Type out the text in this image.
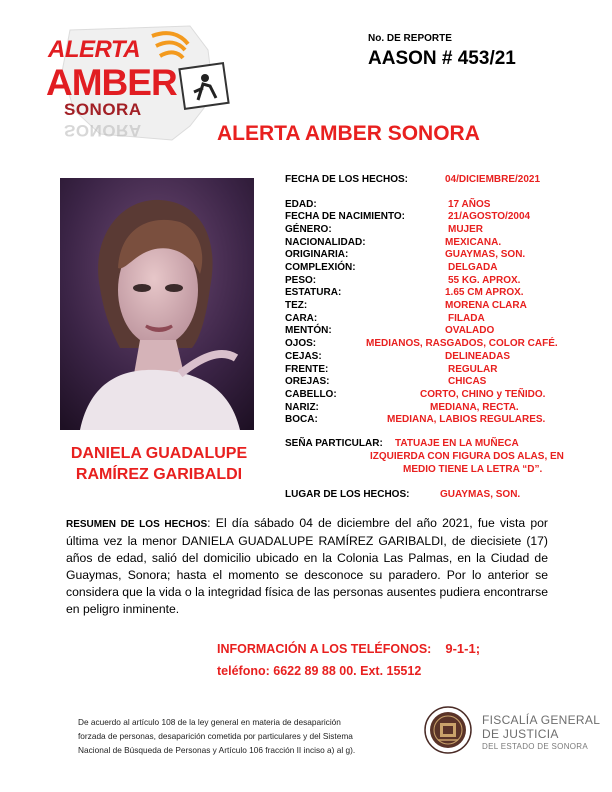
ALERTA
AMBER
SONORA
SONORA
No. DE REPORTE
AASON # 453/21
ALERTA AMBER SONORA
DANIELA GUADALUPE
RAMÍREZ GARIBALDI
FECHA DE LOS HECHOS:	04/DICIEMBRE/2021
EDAD:	17 AÑOS
FECHA DE NACIMIENTO:	21/AGOSTO/2004
GÉNERO:	MUJER
NACIONALIDAD:	MEXICANA.
ORIGINARIA:	GUAYMAS, SON.
COMPLEXIÓN:	DELGADA
PESO:	55 KG. APROX.
ESTATURA:	1.65 CM APROX.
TEZ:	MORENA CLARA
CARA:	FILADA
MENTÓN:	OVALADO
OJOS:	MEDIANOS, RASGADOS, COLOR CAFÉ.
CEJAS:	DELINEADAS
FRENTE:	REGULAR
OREJAS:	CHICAS
CABELLO:	CORTO, CHINO y TEÑIDO.
NARIZ:	MEDIANA, RECTA.
BOCA:	MEDIANA, LABIOS REGULARES.
SEÑA PARTICULAR: TATUAJE EN LA MUÑECA
IZQUIERDA CON FIGURA DOS ALAS, EN
MEDIO TIENE LA LETRA “D”.
LUGAR DE LOS HECHOS:	GUAYMAS, SON.
RESUMEN DE LOS HECHOS: El día sábado 04 de diciembre del año 2021, fue vista por última vez la menor DANIELA GUADALUPE RAMÍREZ GARIBALDI, de diecisiete (17) años de edad, salió del domicilio ubicado en la Colonia Las Palmas, en la Ciudad de Guaymas, Sonora; hasta el momento se desconoce su paradero. Por lo anterior se considera que la vida o la integridad física de las personas ausentes pudiera encontrarse en peligro inminente.
INFORMACIÓN A LOS TELÉFONOS: 9-1-1;
teléfono: 6622 89 88 00. Ext. 15512
De acuerdo al artículo 108 de la ley general en materia de desaparición
forzada de personas, desaparición cometida por particulares y del Sistema
Nacional de Búsqueda de Personas y Artículo 106 fracción II inciso a) al g).
FISCALÍA GENERAL
DE JUSTICIA
DEL ESTADO DE SONORA
